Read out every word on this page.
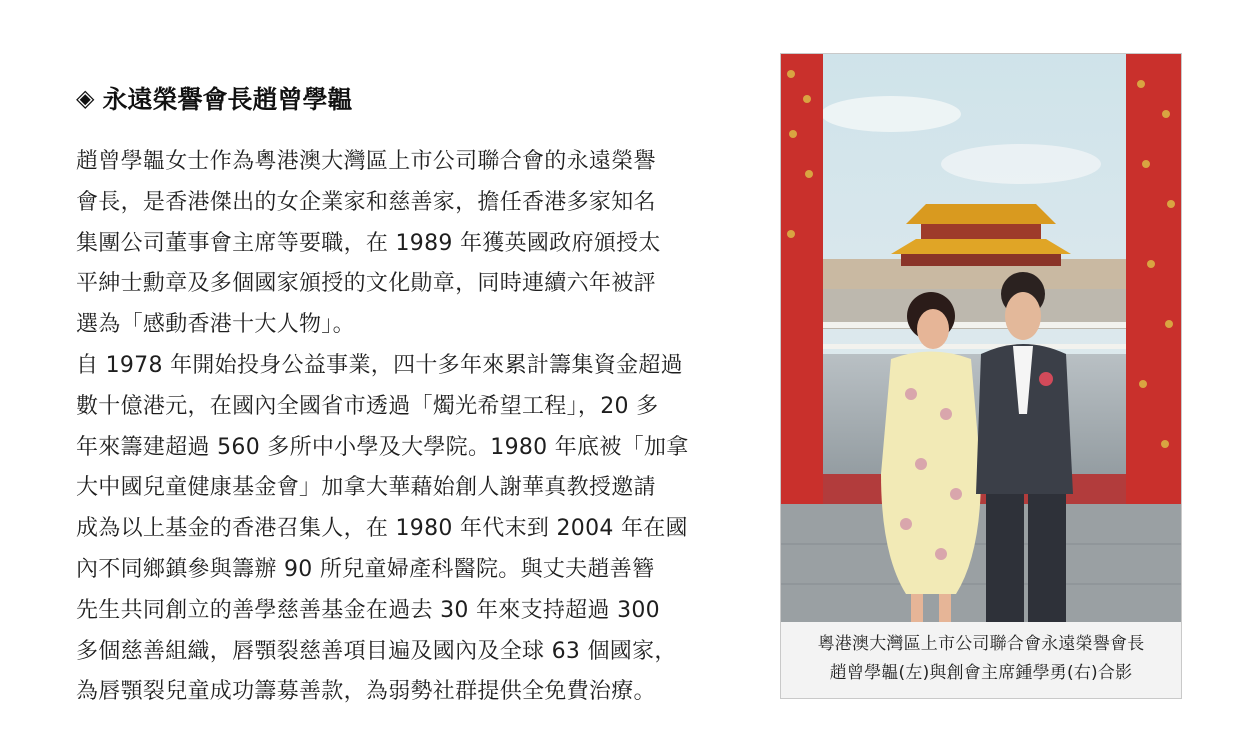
◈ 永遠榮譽會長趙曾學韞

趙曾學韞女士作為粵港澳大灣區上市公司聯合會的永遠榮譽
會長，是香港傑出的女企業家和慈善家，擔任香港多家知名
集團公司董事會主席等要職，在 1989 年獲英國政府頒授太
平紳士勳章及多個國家頒授的文化勛章，同時連續六年被評
選為「感動香港十大人物」。
自 1978 年開始投身公益事業，四十多年來累計籌集資金超過
數十億港元，在國內全國省市透過「燭光希望工程」，20 多
年來籌建超過 560 多所中小學及大學院。1980 年底被「加拿
大中國兒童健康基金會」加拿大華藉始創人謝華真教授邀請
成為以上基金的香港召集人，在 1980 年代末到 2004 年在國
內不同鄉鎮參與籌辦 90 所兒童婦產科醫院。與丈夫趙善簪
先生共同創立的善學慈善基金在過去 30 年來支持超過 300
多個慈善組織，唇顎裂慈善項目遍及國內及全球 63 個國家，
為唇顎裂兒童成功籌募善款，為弱勢社群提供全免費治療。

粵港澳大灣區上市公司聯合會永遠榮譽會長
趙曾學韞(左)與創會主席鍾學勇(右)合影
